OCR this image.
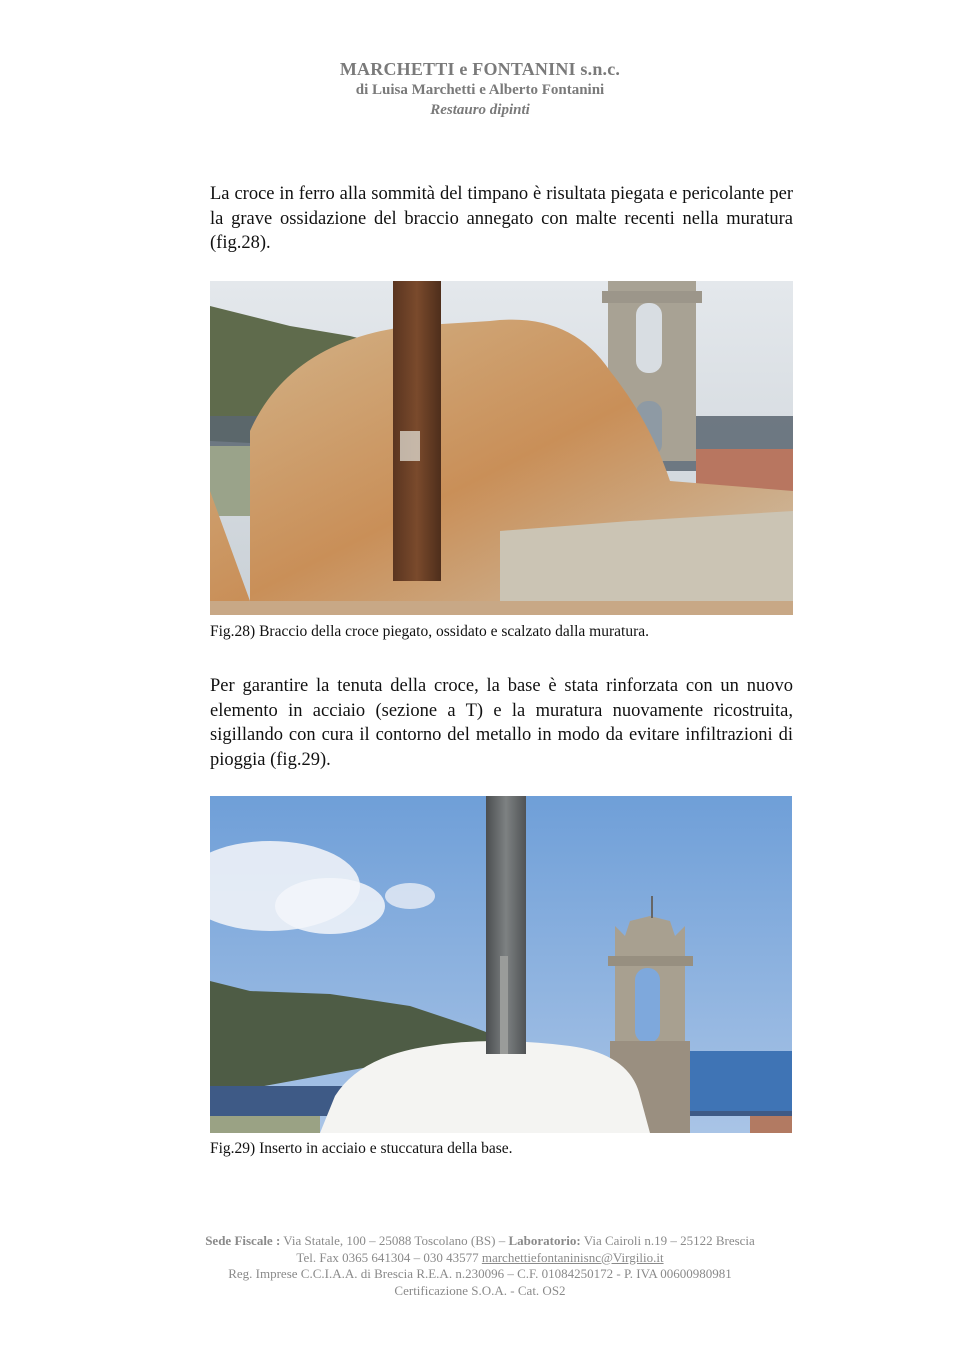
MARCHETTI e FONTANINI s.n.c.
di Luisa Marchetti e Alberto Fontanini
Restauro dipinti

La croce in ferro alla sommità del timpano è risultata piegata e pericolante per la grave ossidazione del braccio annegato con malte recenti nella muratura (fig.28).

Fig.28) Braccio della croce piegato, ossidato e scalzato dalla muratura.

Per garantire la tenuta della croce, la base è stata rinforzata con un nuovo elemento in acciaio (sezione a T) e la muratura nuovamente ricostruita, sigillando con cura il contorno del metallo in modo da evitare infiltrazioni di pioggia (fig.29).

Fig.29) Inserto in acciaio e stuccatura della base.
Sede Fiscale : Via Statale, 100 – 25088 Toscolano (BS) – Laboratorio: Via Cairoli n.19 – 25122 Brescia
Tel. Fax 0365 641304 – 030 43577 marchettiefontaninisnc@Virgilio.it
Reg. Imprese C.C.I.A.A. di Brescia R.E.A. n.230096 – C.F. 01084250172 - P. IVA 00600980981
Certificazione S.O.A. - Cat. OS2
